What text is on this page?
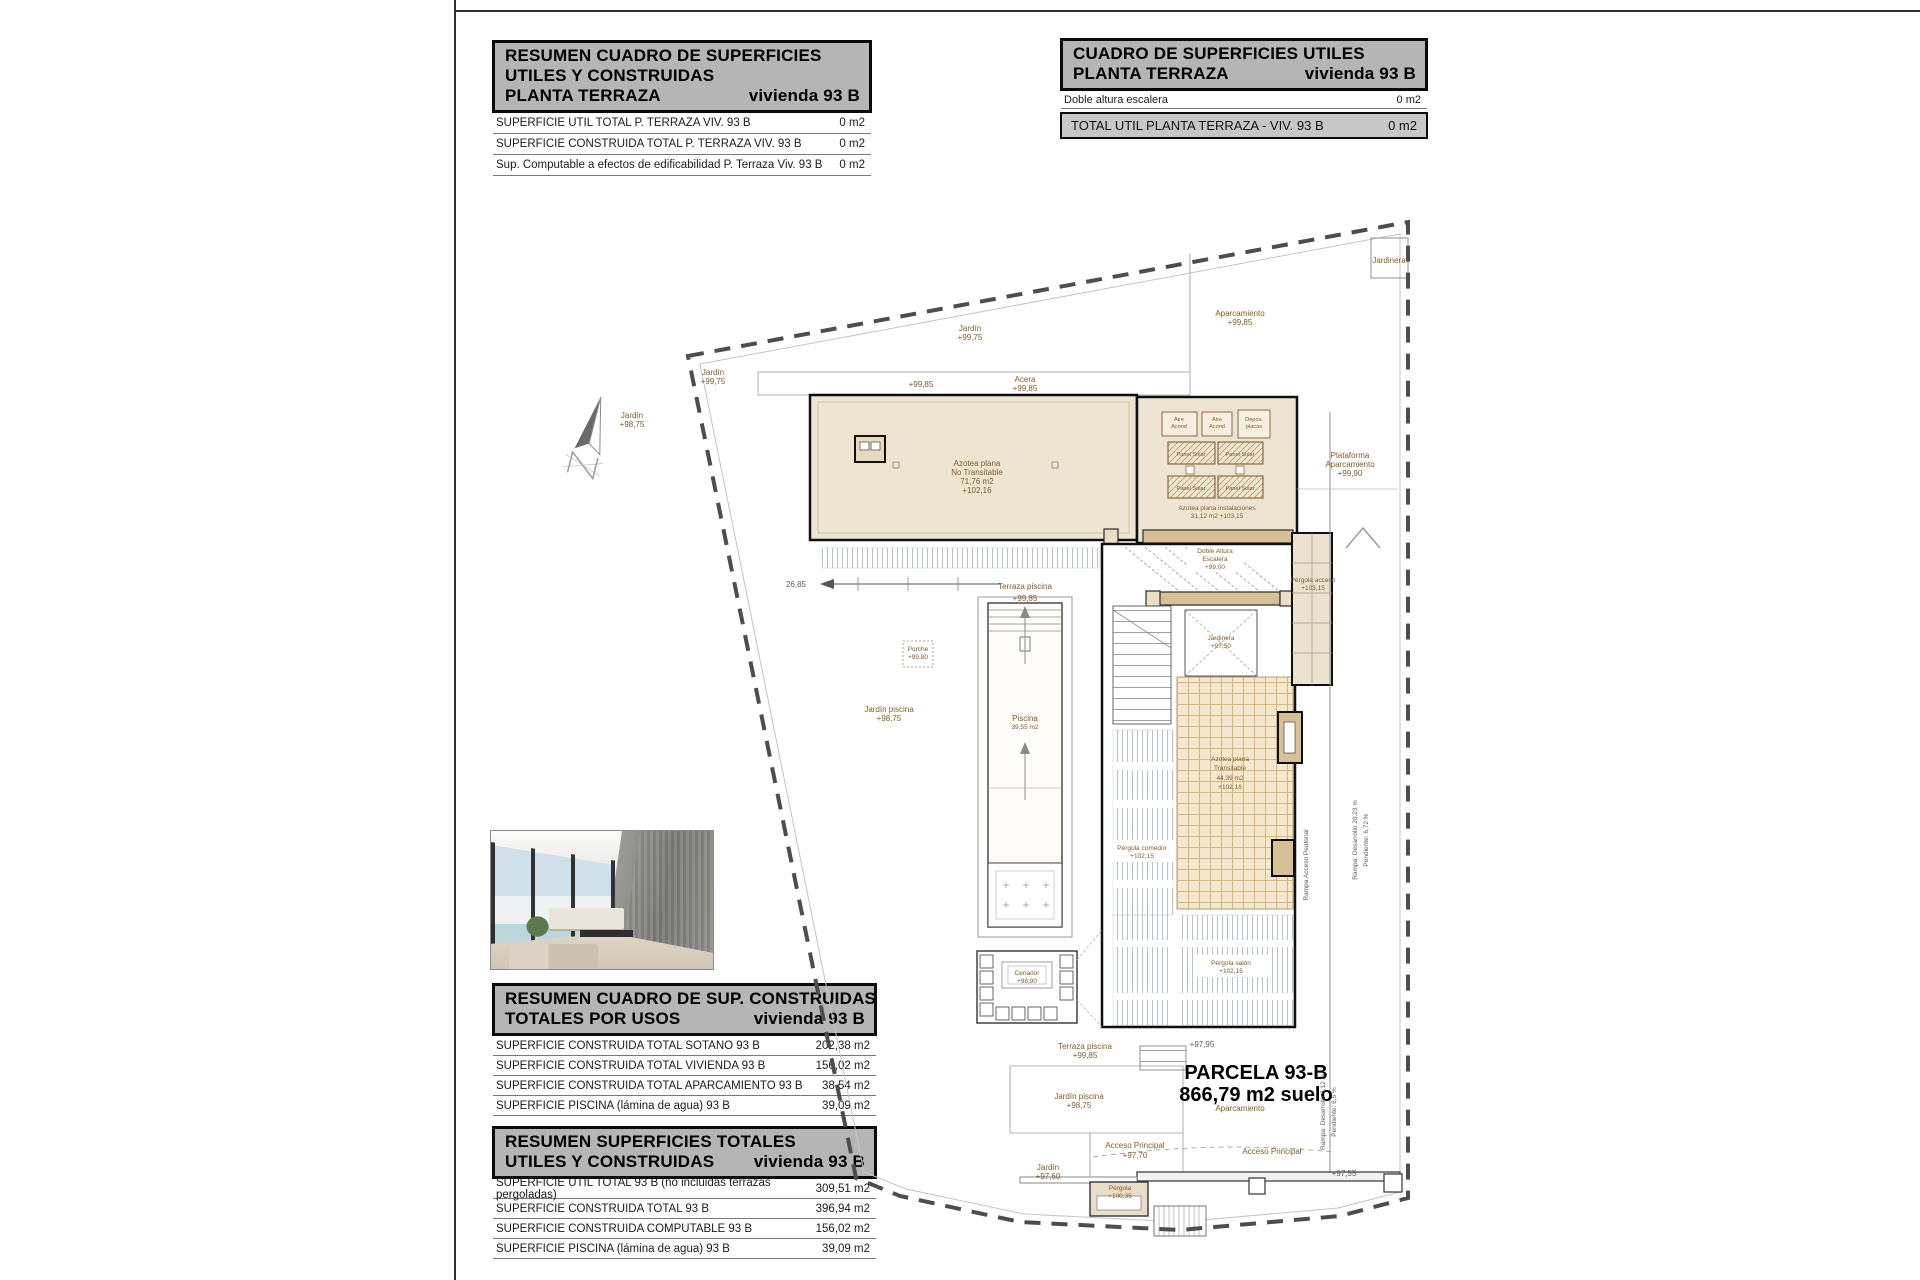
RESUMEN CUADRO DE SUPERFICIES
UTILES Y CONSTRUIDAS
PLANTA TERRAZA	vivienda 93 B
SUPERFICIE UTIL TOTAL P. TERRAZA VIV. 93 B	0 m2
SUPERFICIE CONSTRUIDA TOTAL P. TERRAZA VIV. 93 B	0 m2
Sup. Computable a efectos de edificabilidad P. Terraza Viv. 93 B	0 m2
CUADRO DE SUPERFICIES UTILES
PLANTA TERRAZA	vivienda 93 B
Doble altura escalera	0 m2
TOTAL UTIL PLANTA TERRAZA - VIV. 93 B	0 m2
RESUMEN CUADRO DE SUP. CONSTRUIDAS
TOTALES POR USOS	vivienda 93 B
SUPERFICIE CONSTRUIDA TOTAL SOTANO 93 B	202,38 m2
SUPERFICIE CONSTRUIDA TOTAL VIVIENDA 93 B	156,02 m2
SUPERFICIE CONSTRUIDA TOTAL APARCAMIENTO 93 B	38,54 m2
SUPERFICIE PISCINA (lámina de agua) 93 B	39,09 m2
RESUMEN SUPERFICIES TOTALES
UTILES Y CONSTRUIDAS vivienda 93 B
SUPERFICIE UTIL TOTAL 93 B (no incluidas terrazas pergoladas)	309,51 m2
SUPERFICIE CONSTRUIDA TOTAL 93 B	396,94 m2
SUPERFICIE CONSTRUIDA COMPUTABLE 93 B	156,02 m2
SUPERFICIE PISCINA (lámina de agua) 93 B	39,09 m2
Jardín
+98,75
Jardín
+99,75
Jardín
+99,75
Jardinera
Aparcamiento
+99,85
Acera
+99,85
+99,85
Azotea plana
No Transitable
71,76 m2
+102,16
Aire
Acond
Aire
Acond
Depos.
placas
Panel Solar	Panel Solar
Panel Solar	Panel Solar
Azotea plana instalaciones
31,12 m2 +103,15
Doble Altura
Escalera
+99,00
Pérgola acceso
+103,15
Plataforma
Aparcamiento
+99,90
Terraza piscina
+99,85
Piscina
39,55 m2
Porche
+99,80
Jardín piscina
+98,75
26,85
Jardinera
+97,50
Azotea plana
Transitable
44,39 m2
+102,16
Pérgola comedor
+102,15
Pérgola salón
+102,15
Cenador
+98,90
Terraza piscina
+99,85
+97,95
Jardín piscina
+98,75
PARCELA 93-B
866,79 m2 suelo
Aparcamiento
Acceso Principal
+97,70	Acceso Principal
Jardín
+97,60
Pérgola
+100,35
+97,55
Rampa: Desarrollo 20,23 m Pendiente: 6,72 %
Rampa Acceso Peatonal
Rampa: Desarrollo 6,12 m Pendiente: 6,5 %
